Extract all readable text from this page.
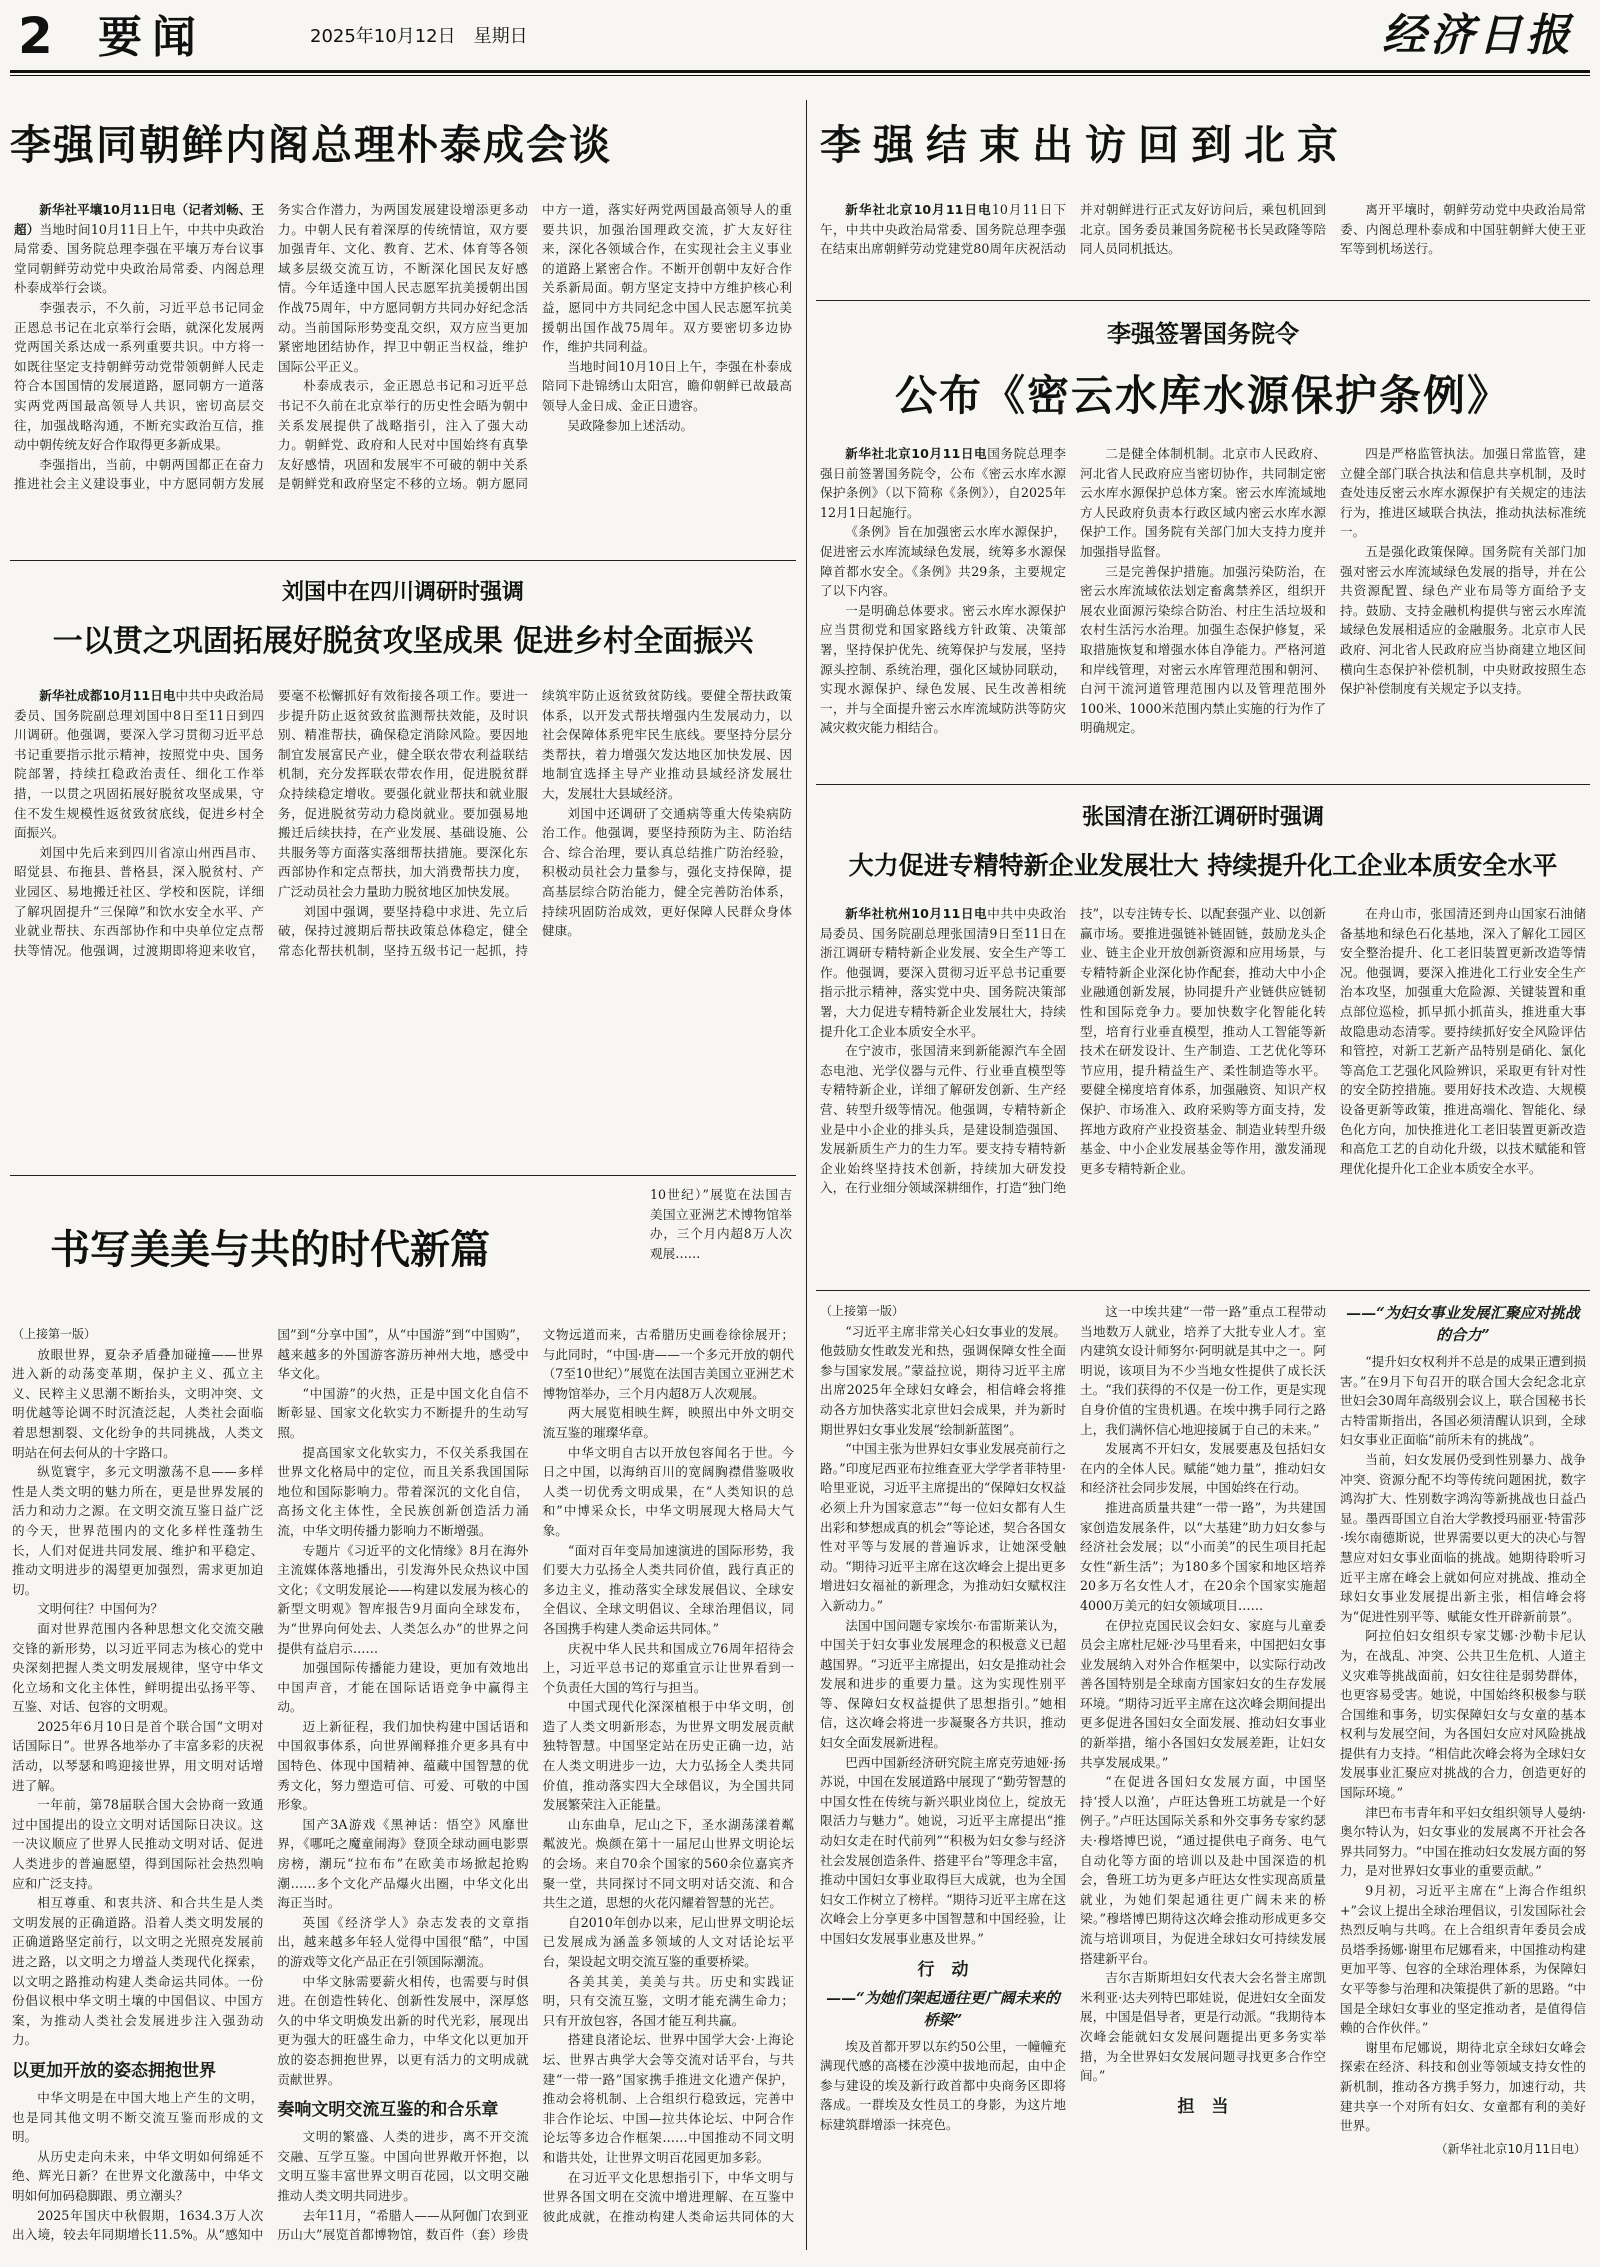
2 要闻	2025年10月12日　星期日	经济日报
李强同朝鲜内阁总理朴泰成会谈

新华社平壤10月11日电（记者刘畅、王超）当地时间10月11日上午，中共中央政治局常委、国务院总理李强在平壤万寿台议事堂同朝鲜劳动党中央政治局常委、内阁总理朴泰成举行会谈。

李强表示，不久前，习近平总书记同金正恩总书记在北京举行会晤，就深化发展两党两国关系达成一系列重要共识。中方将一如既往坚定支持朝鲜劳动党带领朝鲜人民走符合本国国情的发展道路，愿同朝方一道落实两党两国最高领导人共识，密切高层交往，加强战略沟通，不断充实政治互信，推动中朝传统友好合作取得更多新成果。

李强指出，当前，中朝两国都正在奋力推进社会主义建设事业，中方愿同朝方发展务实合作潜力，为两国发展建设增添更多动力。中朝人民有着深厚的传统情谊，双方要加强青年、文化、教育、艺术、体育等各领域多层级交流互访，不断深化国民友好感情。今年适逢中国人民志愿军抗美援朝出国作战75周年，中方愿同朝方共同办好纪念活动。当前国际形势变乱交织，双方应当更加紧密地团结协作，捍卫中朝正当权益，维护国际公平正义。

朴泰成表示，金正恩总书记和习近平总书记不久前在北京举行的历史性会晤为朝中关系发展提供了战略指引，注入了强大动力。朝鲜党、政府和人民对中国始终有真挚友好感情，巩固和发展牢不可破的朝中关系是朝鲜党和政府坚定不移的立场。朝方愿同中方一道，落实好两党两国最高领导人的重要共识，加强治国理政交流，扩大友好往来，深化各领域合作，在实现社会主义事业的道路上紧密合作。不断开创朝中友好合作关系新局面。朝方坚定支持中方维护核心利益，愿同中方共同纪念中国人民志愿军抗美援朝出国作战75周年。双方要密切多边协作，维护共同利益。

当地时间10月10日上午，李强在朴泰成陪同下赴锦绣山太阳宫，瞻仰朝鲜已故最高领导人金日成、金正日遗容。

吴政隆参加上述活动。

刘国中在四川调研时强调
一以贯之巩固拓展好脱贫攻坚成果 促进乡村全面振兴

新华社成都10月11日电中共中央政治局委员、国务院副总理刘国中8日至11日到四川调研。他强调，要深入学习贯彻习近平总书记重要指示批示精神，按照党中央、国务院部署，持续扛稳政治责任、细化工作举措，一以贯之巩固拓展好脱贫攻坚成果，守住不发生规模性返贫致贫底线，促进乡村全面振兴。

刘国中先后来到四川省凉山州西昌市、昭觉县、布拖县、普格县，深入脱贫村、产业园区、易地搬迁社区、学校和医院，详细了解巩固提升“三保障”和饮水安全水平、产业就业帮扶、东西部协作和中央单位定点帮扶等情况。他强调，过渡期即将迎来收官，要毫不松懈抓好有效衔接各项工作。要进一步提升防止返贫致贫监测帮扶效能，及时识别、精准帮扶，确保稳定消除风险。要因地制宜发展富民产业，健全联农带农利益联结机制，充分发挥联农带农作用，促进脱贫群众持续稳定增收。要强化就业帮扶和就业服务，促进脱贫劳动力稳岗就业。要加强易地搬迁后续扶持，在产业发展、基础设施、公共服务等方面落实落细帮扶措施。要深化东西部协作和定点帮扶，加大消费帮扶力度，广泛动员社会力量助力脱贫地区加快发展。

刘国中强调，要坚持稳中求进、先立后破，保持过渡期后帮扶政策总体稳定，健全常态化帮扶机制，坚持五级书记一起抓，持续筑牢防止返贫致贫防线。要健全帮扶政策体系，以开发式帮扶增强内生发展动力，以社会保障体系兜牢民生底线。要坚持分层分类帮扶，着力增强欠发达地区加快发展、因地制宜选择主导产业推动县域经济发展壮大，发展壮大县域经济。

刘国中还调研了交通病等重大传染病防治工作。他强调，要坚持预防为主、防治结合、综合治理，要认真总结推广防治经验，积极动员社会力量参与，强化支持保障，提高基层综合防治能力，健全完善防治体系，持续巩固防治成效，更好保障人民群众身体健康。

书写美美与共的时代新篇
10世纪）”展览在法国吉美国立亚洲艺术博物馆举办，三个月内超8万人次观展……
（上接第一版）

放眼世界，夏杂矛盾叠加碰撞——世界进入新的动荡变革期，保护主义、孤立主义、民粹主义思潮不断抬头，文明冲突、文明优越等论调不时沉渣泛起，人类社会面临着思想割裂、文化纷争的共同挑战，人类文明站在何去何从的十字路口。

纵览寰宇，多元文明激荡不息——多样性是人类文明的魅力所在，更是世界发展的活力和动力之源。在文明交流互鉴日益广泛的今天，世界范围内的文化多样性蓬勃生长，人们对促进共同发展、维护和平稳定、推动文明进步的渴望更加强烈，需求更加迫切。

文明何往？中国何为？

面对世界范围内各种思想文化交流交融交锋的新形势，以习近平同志为核心的党中央深刻把握人类文明发展规律，坚守中华文化立场和文化主体性，鲜明提出弘扬平等、互鉴、对话、包容的文明观。

2025年6月10日是首个联合国“文明对话国际日”。世界各地举办了丰富多彩的庆祝活动，以琴瑟和鸣迎接世界，用文明对话增进了解。

一年前，第78届联合国大会协商一致通过中国提出的设立文明对话国际日决议。这一决议顺应了世界人民推动文明对话、促进人类进步的普遍愿望，得到国际社会热烈响应和广泛支持。

相互尊重、和衷共济、和合共生是人类文明发展的正确道路。沿着人类文明发展的正确道路坚定前行，以文明之光照亮发展前进之路，以文明之力增益人类现代化探索，以文明之路推动构建人类命运共同体。一份份倡议根中华文明土壤的中国倡议、中国方案，为推动人类社会发展进步注入强劲动力。

以更加开放的姿态拥抱世界

中华文明是在中国大地上产生的文明，也是同其他文明不断交流互鉴而形成的文明。

从历史走向未来，中华文明如何绵延不绝、辉光日新？在世界文化激荡中，中华文明如何加码稳脚跟、勇立潮头？

2025年国庆中秋假期，1634.3万人次出入境，较去年同期增长11.5%。从“感知中国”到“分享中国”，从“中国游”到“中国购”，越来越多的外国游客游历神州大地，感受中华文化。

“中国游”的火热，正是中国文化自信不断彰显、国家文化软实力不断提升的生动写照。

提高国家文化软实力，不仅关系我国在世界文化格局中的定位，而且关系我国国际地位和国际影响力。带着深沉的文化自信，高扬文化主体性，全民族创新创造活力涌流，中华文明传播力影响力不断增强。

专题片《习近平的文化情缘》8月在海外主流媒体落地播出，引发海外民众热议中国文化；《文明发展论——构建以发展为核心的新型文明观》智库报告9月面向全球发布，为“世界向何处去、人类怎么办”的世界之问提供有益启示……

加强国际传播能力建设，更加有效地出中国声音，才能在国际话语竞争中赢得主动。

迈上新征程，我们加快构建中国话语和中国叙事体系，向世界阐释推介更多具有中国特色、体现中国精神、蕴藏中国智慧的优秀文化，努力塑造可信、可爱、可敬的中国形象。

国产3A游戏《黑神话：悟空》风靡世界，《哪吒之魔童闹海》登顶全球动画电影票房榜，潮玩“拉布布”在欧美市场掀起抢购潮……多个文化产品爆火出圈，中华文化出海正当时。

英国《经济学人》杂志发表的文章指出，越来越多年轻人觉得中国很“酷”，中国的游戏等文化产品正在引领国际潮流。

中华文脉需要薪火相传，也需要与时俱进。在创造性转化、创新性发展中，深厚悠久的中华文明焕发出新的时代光彩，展现出更为强大的旺盛生命力，中华文化以更加开放的姿态拥抱世界，以更有活力的文明成就贡献世界。

奏响文明交流互鉴的和合乐章

文明的繁盛、人类的进步，离不开交流交融、互学互鉴。中国向世界敞开怀抱，以文明互鉴丰富世界文明百花园，以文明交融推动人类文明共同进步。

去年11月，“希腊人——从阿伽门农到亚历山大”展览首都博物馆，数百件（套）珍贵文物远道而来，古希腊历史画卷徐徐展开；与此同时，“中国·唐——一个多元开放的朝代（7至10世纪）”展览在法国吉美国立亚洲艺术博物馆举办，三个月内超8万人次观展。

两大展览相映生辉，映照出中外文明交流互鉴的璀璨华章。

中华文明自古以开放包容闻名于世。今日之中国，以海纳百川的宽阔胸襟借鉴吸收人类一切优秀文明成果，在“人类知识的总和”中博采众长，中华文明展现大格局大气象。

“面对百年变局加速演进的国际形势，我们要大力弘扬全人类共同价值，践行真正的多边主义，推动落实全球发展倡议、全球安全倡议、全球文明倡议、全球治理倡议，同各国携手构建人类命运共同体。”

庆祝中华人民共和国成立76周年招待会上，习近平总书记的郑重宣示让世界看到一个负责任大国的笃行与担当。

中国式现代化深深植根于中华文明，创造了人类文明新形态，为世界文明发展贡献独特智慧。中国坚定站在历史正确一边，站在人类文明进步一边，大力弘扬全人类共同价值，推动落实四大全球倡议，为全国共同发展繁荣注入正能量。

山东曲阜，尼山之下，圣水湖荡漾着粼粼波光。焕颜在第十一届尼山世界文明论坛的会场。来自70余个国家的560余位嘉宾齐聚一堂，共同探讨不同文明对话交流、和合共生之道，思想的火花闪耀着智慧的光芒。

自2010年创办以来，尼山世界文明论坛已发展成为涵盖多领域的人文对话论坛平台，架设起文明交流互鉴的重要桥梁。

各美其美，美美与共。历史和实践证明，只有交流互鉴，文明才能充满生命力；只有开放包容，各国才能互利共赢。

搭建良渚论坛、世界中国学大会·上海论坛、世界古典学大会等交流对话平台，与共建“一带一路”国家携手推进文化遗产保护，推动会将机制、上合组织行稳致远，完善中非合作论坛、中国—拉共体论坛、中阿合作论坛等多边合作框架……中国推动不同文明和谐共处，让世界文明百花园更加多彩。

在习近平文化思想指引下，中华文明与世界各国文明在交流中增进理解、在互鉴中彼此成就，在推动构建人类命运共同体的大

李强结束出访回到北京

新华社北京10月11日电10月11日下午，中共中央政治局常委、国务院总理李强在结束出席朝鲜劳动党建党80周年庆祝活动并对朝鲜进行正式友好访问后，乘包机回到北京。国务委员兼国务院秘书长吴政隆等陪同人员同机抵达。

离开平壤时，朝鲜劳动党中央政治局常委、内阁总理朴泰成和中国驻朝鲜大使王亚军等到机场送行。

李强签署国务院令
公布《密云水库水源保护条例》

新华社北京10月11日电国务院总理李强日前签署国务院令，公布《密云水库水源保护条例》（以下简称《条例》），自2025年12月1日起施行。

《条例》旨在加强密云水库水源保护，促进密云水库流域绿色发展，统筹多水源保障首都水安全。《条例》共29条，主要规定了以下内容。

一是明确总体要求。密云水库水源保护应当贯彻党和国家路线方针政策、决策部署，坚持保护优先、统筹保护与发展，坚持源头控制、系统治理，强化区域协同联动，实现水源保护、绿色发展、民生改善相统一，并与全面提升密云水库流域防洪等防灾减灾救灾能力相结合。

二是健全体制机制。北京市人民政府、河北省人民政府应当密切协作，共同制定密云水库水源保护总体方案。密云水库流域地方人民政府负责本行政区域内密云水库水源保护工作。国务院有关部门加大支持力度并加强指导监督。

三是完善保护措施。加强污染防治，在密云水库流域依法划定畜禽禁养区，组织开展农业面源污染综合防治、村庄生活垃圾和农村生活污水治理。加强生态保护修复，采取措施恢复和增强水体自净能力。严格河道和岸线管理，对密云水库管理范围和朝河、白河干流河道管理范围内以及管理范围外100米、1000米范围内禁止实施的行为作了明确规定。

四是严格监管执法。加强日常监管，建立健全部门联合执法和信息共享机制，及时查处违反密云水库水源保护有关规定的违法行为，推进区域联合执法，推动执法标准统一。

五是强化政策保障。国务院有关部门加强对密云水库流域绿色发展的指导，并在公共资源配置、绿色产业布局等方面给予支持。鼓励、支持金融机构提供与密云水库流域绿色发展相适应的金融服务。北京市人民政府、河北省人民政府应当协商建立地区间横向生态保护补偿机制，中央财政按照生态保护补偿制度有关规定予以支持。

张国清在浙江调研时强调
大力促进专精特新企业发展壮大 持续提升化工企业本质安全水平

新华社杭州10月11日电中共中央政治局委员、国务院副总理张国清9日至11日在浙江调研专精特新企业发展、安全生产等工作。他强调，要深入贯彻习近平总书记重要指示批示精神，落实党中央、国务院决策部署，大力促进专精特新企业发展壮大，持续提升化工企业本质安全水平。

在宁波市，张国清来到新能源汽车全固态电池、光学仪器与元件、行业垂直模型等专精特新企业，详细了解研发创新、生产经营、转型升级等情况。他强调，专精特新企业是中小企业的排头兵，是建设制造强国、发展新质生产力的生力军。要支持专精特新企业始终坚持技术创新，持续加大研发投入，在行业细分领域深耕细作，打造“独门绝技”，以专注铸专长、以配套强产业、以创新赢市场。要推进强链补链固链，鼓励龙头企业、链主企业开放创新资源和应用场景，与专精特新企业深化协作配套，推动大中小企业融通创新发展，协同提升产业链供应链韧性和国际竞争力。要加快数字化智能化转型，培育行业垂直模型，推动人工智能等新技术在研发设计、生产制造、工艺优化等环节应用，提升精益生产、柔性制造等水平。要健全梯度培育体系，加强融资、知识产权保护、市场准入、政府采购等方面支持，发挥地方政府产业投资基金、制造业转型升级基金、中小企业发展基金等作用，激发涌现更多专精特新企业。

在舟山市，张国清还到舟山国家石油储备基地和绿色石化基地，深入了解化工园区安全整治提升、化工老旧装置更新改造等情况。他强调，要深入推进化工行业安全生产治本攻坚，加强重大危险源、关键装置和重点部位巡检，抓早抓小抓苗头，推进重大事故隐患动态清零。要持续抓好安全风险评估和管控，对新工艺新产品特别是硝化、氯化等高危工艺强化风险辨识，采取更有针对性的安全防控措施。要用好技术改造、大规模设备更新等政策，推进高端化、智能化、绿色化方向，加快推进化工老旧装置更新改造和高危工艺的自动化升级，以技术赋能和管理优化提升化工企业本质安全水平。

（上接第一版）

“习近平主席非常关心妇女事业的发展。他鼓励女性敢发光和热，强调保障女性全面参与国家发展。”蒙益拉说，期待习近平主席出席2025年全球妇女峰会，相信峰会将推动各方加快落实北京世妇会成果，并为新时期世界妇女事业发展“绘制新蓝图”。

“中国主张为世界妇女事业发展亮前行之路。”印度尼西亚布拉维查亚大学学者菲特里·哈里亚说，习近平主席提出的“保障妇女权益必须上升为国家意志”“每一位妇女都有人生出彩和梦想成真的机会”等论述，契合各国女性对平等与发展的普遍诉求，让她深受触动。“期待习近平主席在这次峰会上提出更多增进妇女福祉的新理念，为推动妇女赋权注入新动力。”

法国中国问题专家埃尔·布雷斯莱认为，中国关于妇女事业发展理念的积极意义已超越国界。“习近平主席提出，妇女是推动社会发展和进步的重要力量。这为实现性别平等、保障妇女权益提供了思想指引。”她相信，这次峰会将进一步凝聚各方共识，推动妇女全面发展新进程。

巴西中国新经济研究院主席克劳迪娅·扬苏说，中国在发展道路中展现了“勤劳智慧的中国女性在传统与新兴职业岗位上，绽放无限活力与魅力”。她说，习近平主席提出“推动妇女走在时代前列”“积极为妇女参与经济社会发展创造条件、搭建平台”等理念丰富，推动中国妇女事业取得巨大成就，也为全国妇女工作树立了榜样。“期待习近平主席在这次峰会上分享更多中国智慧和中国经验，让中国妇女发展事业惠及世界。”

行　动
——“为她们架起通往更广阔未来的桥梁”

埃及首都开罗以东约50公里，一幢幢充满现代感的高楼在沙漠中拔地而起，由中企参与建设的埃及新行政首都中央商务区即将落成。一群埃及女性员工的身影，为这片地标建筑群增添一抹亮色。

这一中埃共建“一带一路”重点工程带动当地数万人就业，培养了大批专业人才。室内建筑女设计师努尔·阿明就是其中之一。阿明说，该项目为不少当地女性提供了成长沃土。“我们获得的不仅是一份工作，更是实现自身价值的宝贵机遇。在埃中携手同行之路上，我们满怀信心地迎接属于自己的未来。”

发展离不开妇女，发展要惠及包括妇女在内的全体人民。赋能“她力量”，推动妇女和经济社会同步发展，中国始终在行动。

推进高质量共建“一带一路”，为共建国家创造发展条件，以“大基建”助力妇女参与经济社会发展；以“小而美”的民生项目托起女性“新生活”；为180多个国家和地区培养20多万名女性人才，在20余个国家实施超4000万美元的妇女领域项目……

在伊拉克国民议会妇女、家庭与儿童委员会主席杜尼娅·沙马里看来，中国把妇女事业发展纳入对外合作框架中，以实际行动改善各国特别是全球南方国家妇女的生存发展环境。“期待习近平主席在这次峰会期间提出更多促进各国妇女全面发展、推动妇女事业的新举措，缩小各国妇女发展差距，让妇女共享发展成果。”

“在促进各国妇女发展方面，中国坚持‘授人以渔’，卢旺达鲁班工坊就是一个好例子。”卢旺达国际关系和外交事务专家约瑟夫·穆塔博巴说，“通过提供电子商务、电气自动化等方面的培训以及赴中国深造的机会，鲁班工坊为更多卢旺达女性实现高质量就业，为她们架起通往更广阔未来的桥梁。”穆塔博巴期待这次峰会推动形成更多交流与培训项目，为促进全球妇女可持续发展搭建新平台。

吉尔吉斯斯坦妇女代表大会名誉主席凯米利亚·达夫列特巴耶娃说，促进妇女全面发展，中国是倡导者，更是行动派。“我期待本次峰会能就妇女发展问题提出更多务实举措，为全世界妇女发展问题寻找更多合作空间。”

担　当
——“为妇女事业发展汇聚应对挑战的合力”

“提升妇女权利并不总是的成果正遭到损害。”在9月下旬召开的联合国大会纪念北京世妇会30周年高级别会议上，联合国秘书长古特雷斯指出，各国必须清醒认识到，全球妇女事业正面临“前所未有的挑战”。

当前，妇女发展仍受到性别暴力、战争冲突、资源分配不均等传统问题困扰，数字鸿沟扩大、性别数字鸿沟等新挑战也日益凸显。墨西哥国立自治大学教授玛丽亚·特雷莎·埃尔南德斯说，世界需要以更大的决心与智慧应对妇女事业面临的挑战。她期待聆听习近平主席在峰会上就如何应对挑战、推动全球妇女事业发展提出新主张，相信峰会将为“促进性别平等、赋能女性开辟新前景”。

阿拉伯妇女组织专家艾娜·沙勒卡尼认为，在战乱、冲突、公共卫生危机、人道主义灾难等挑战面前，妇女往往是弱势群体，也更容易受害。她说，中国始终积极参与联合国维和事务，切实保障妇女与女童的基本权利与发展空间，为各国妇女应对风险挑战提供有力支持。“相信此次峰会将为全球妇女发展事业汇聚应对挑战的合力，创造更好的国际环境。”

津巴布韦青年和平妇女组织领导人曼纳·奥尔特认为，妇女事业的发展离不开社会各界共同努力。“中国在推动妇女发展方面的努力，是对世界妇女事业的重要贡献。”

9月初，习近平主席在“上海合作组织+”会议上提出全球治理倡议，引发国际社会热烈反响与共鸣。在上合组织青年委员会成员塔季扬娜·谢里布尼娜看来，中国推动构建更加平等、包容的全球治理体系，为保障妇女平等参与治理和决策提供了新的思路。“中国是全球妇女事业的坚定推动者，是值得信赖的合作伙伴。”

谢里布尼娜说，期待北京全球妇女峰会探索在经济、科技和创业等领域支持女性的新机制，推动各方携手努力，加速行动，共建共享一个对所有妇女、女童都有利的美好世界。

（新华社北京10月11日电）
